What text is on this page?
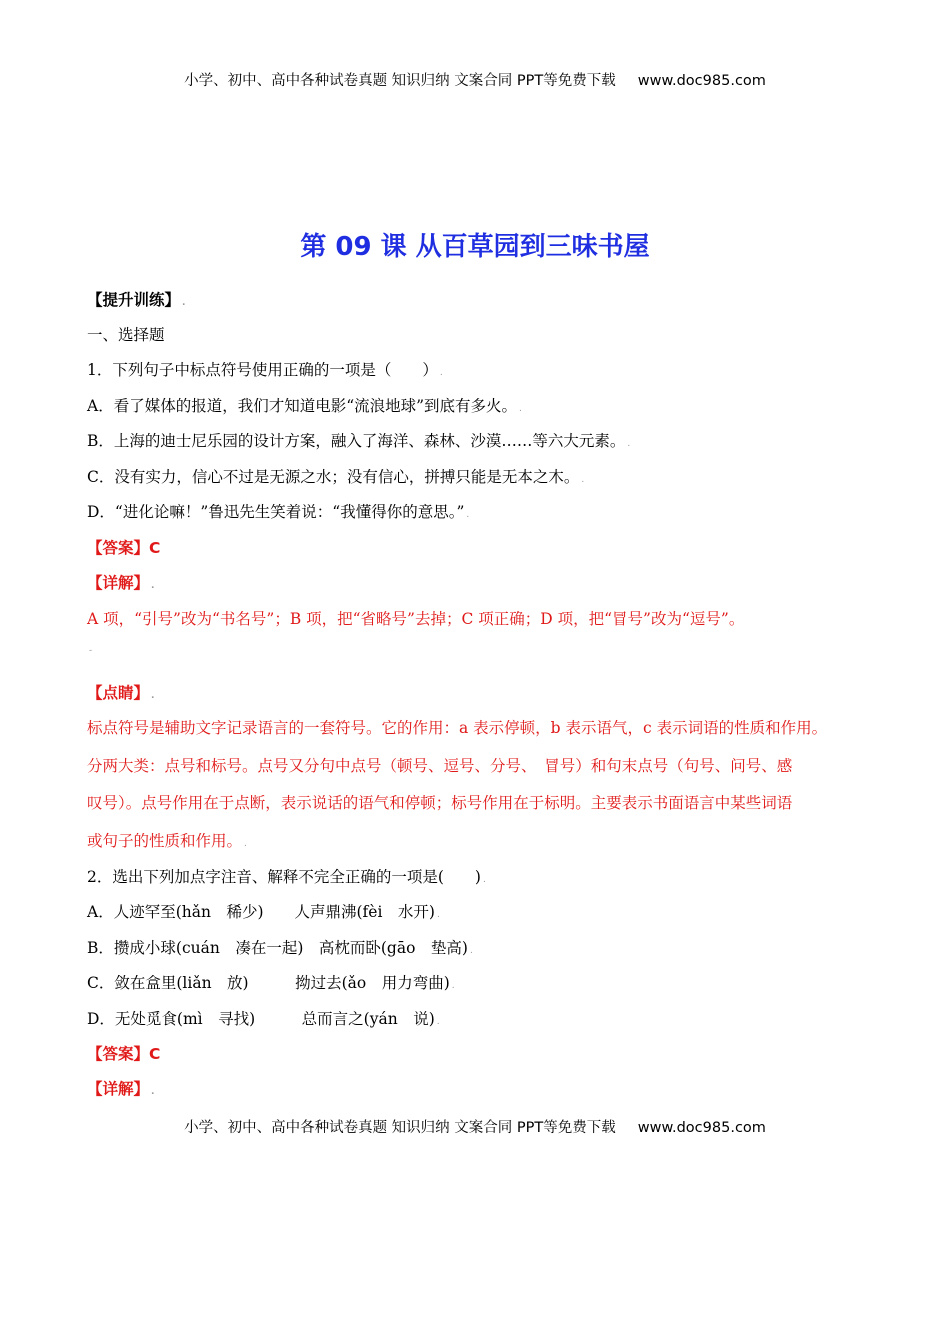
小学、初中、高中各种试卷真题 知识归纳 文案合同 PPT等免费下载 www.doc985.com
第 09 课 从百草园到三味书屋
【提升训练】 .
一、选择题
1．下列句子中标点符号使用正确的一项是（　　） .
A．看了媒体的报道，我们才知道电影“流浪地球”到底有多火。 .
B．上海的迪士尼乐园的设计方案，融入了海洋、森林、沙漠……等六大元素。 .
C．没有实力，信心不过是无源之水；没有信心，拼搏只能是无本之木。 .
D．“进化论嘛！”鲁迅先生笑着说：“我懂得你的意思。” .
【答案】C
【详解】 .
A 项，“引号”改为“书名号”；B 项，把“省略号”去掉；C 项正确；D 项，把“冒号”改为“逗号”。
-
【点睛】 .
标点符号是辅助文字记录语言的一套符号。它的作用：a 表示停顿，b 表示语气，c 表示词语的性质和作用。
分两大类：点号和标号。点号又分句中点号（顿号、逗号、分号、　冒号）和句末点号（句号、问号、感
叹号）。点号作用在于点断，表示说话的语气和停顿；标号作用在于标明。主要表示书面语言中某些词语
或句子的性质和作用。 .
2．选出下列加点字注音、解释不完全正确的一项是(　　) .
A．人迹罕至(hǎn　稀少)　　人声鼎沸(fèi　水开) .
B．攒成小球(cuán　凑在一起)　高枕而卧(gāo　垫高) .
C．敛在盒里(liǎn　放)　　　拗过去(ǎo　用力弯曲) .
D．无处觅食(mì　寻找)　　　总而言之(yán　说) .
【答案】C
【详解】 .
小学、初中、高中各种试卷真题 知识归纳 文案合同 PPT等免费下载 www.doc985.com
